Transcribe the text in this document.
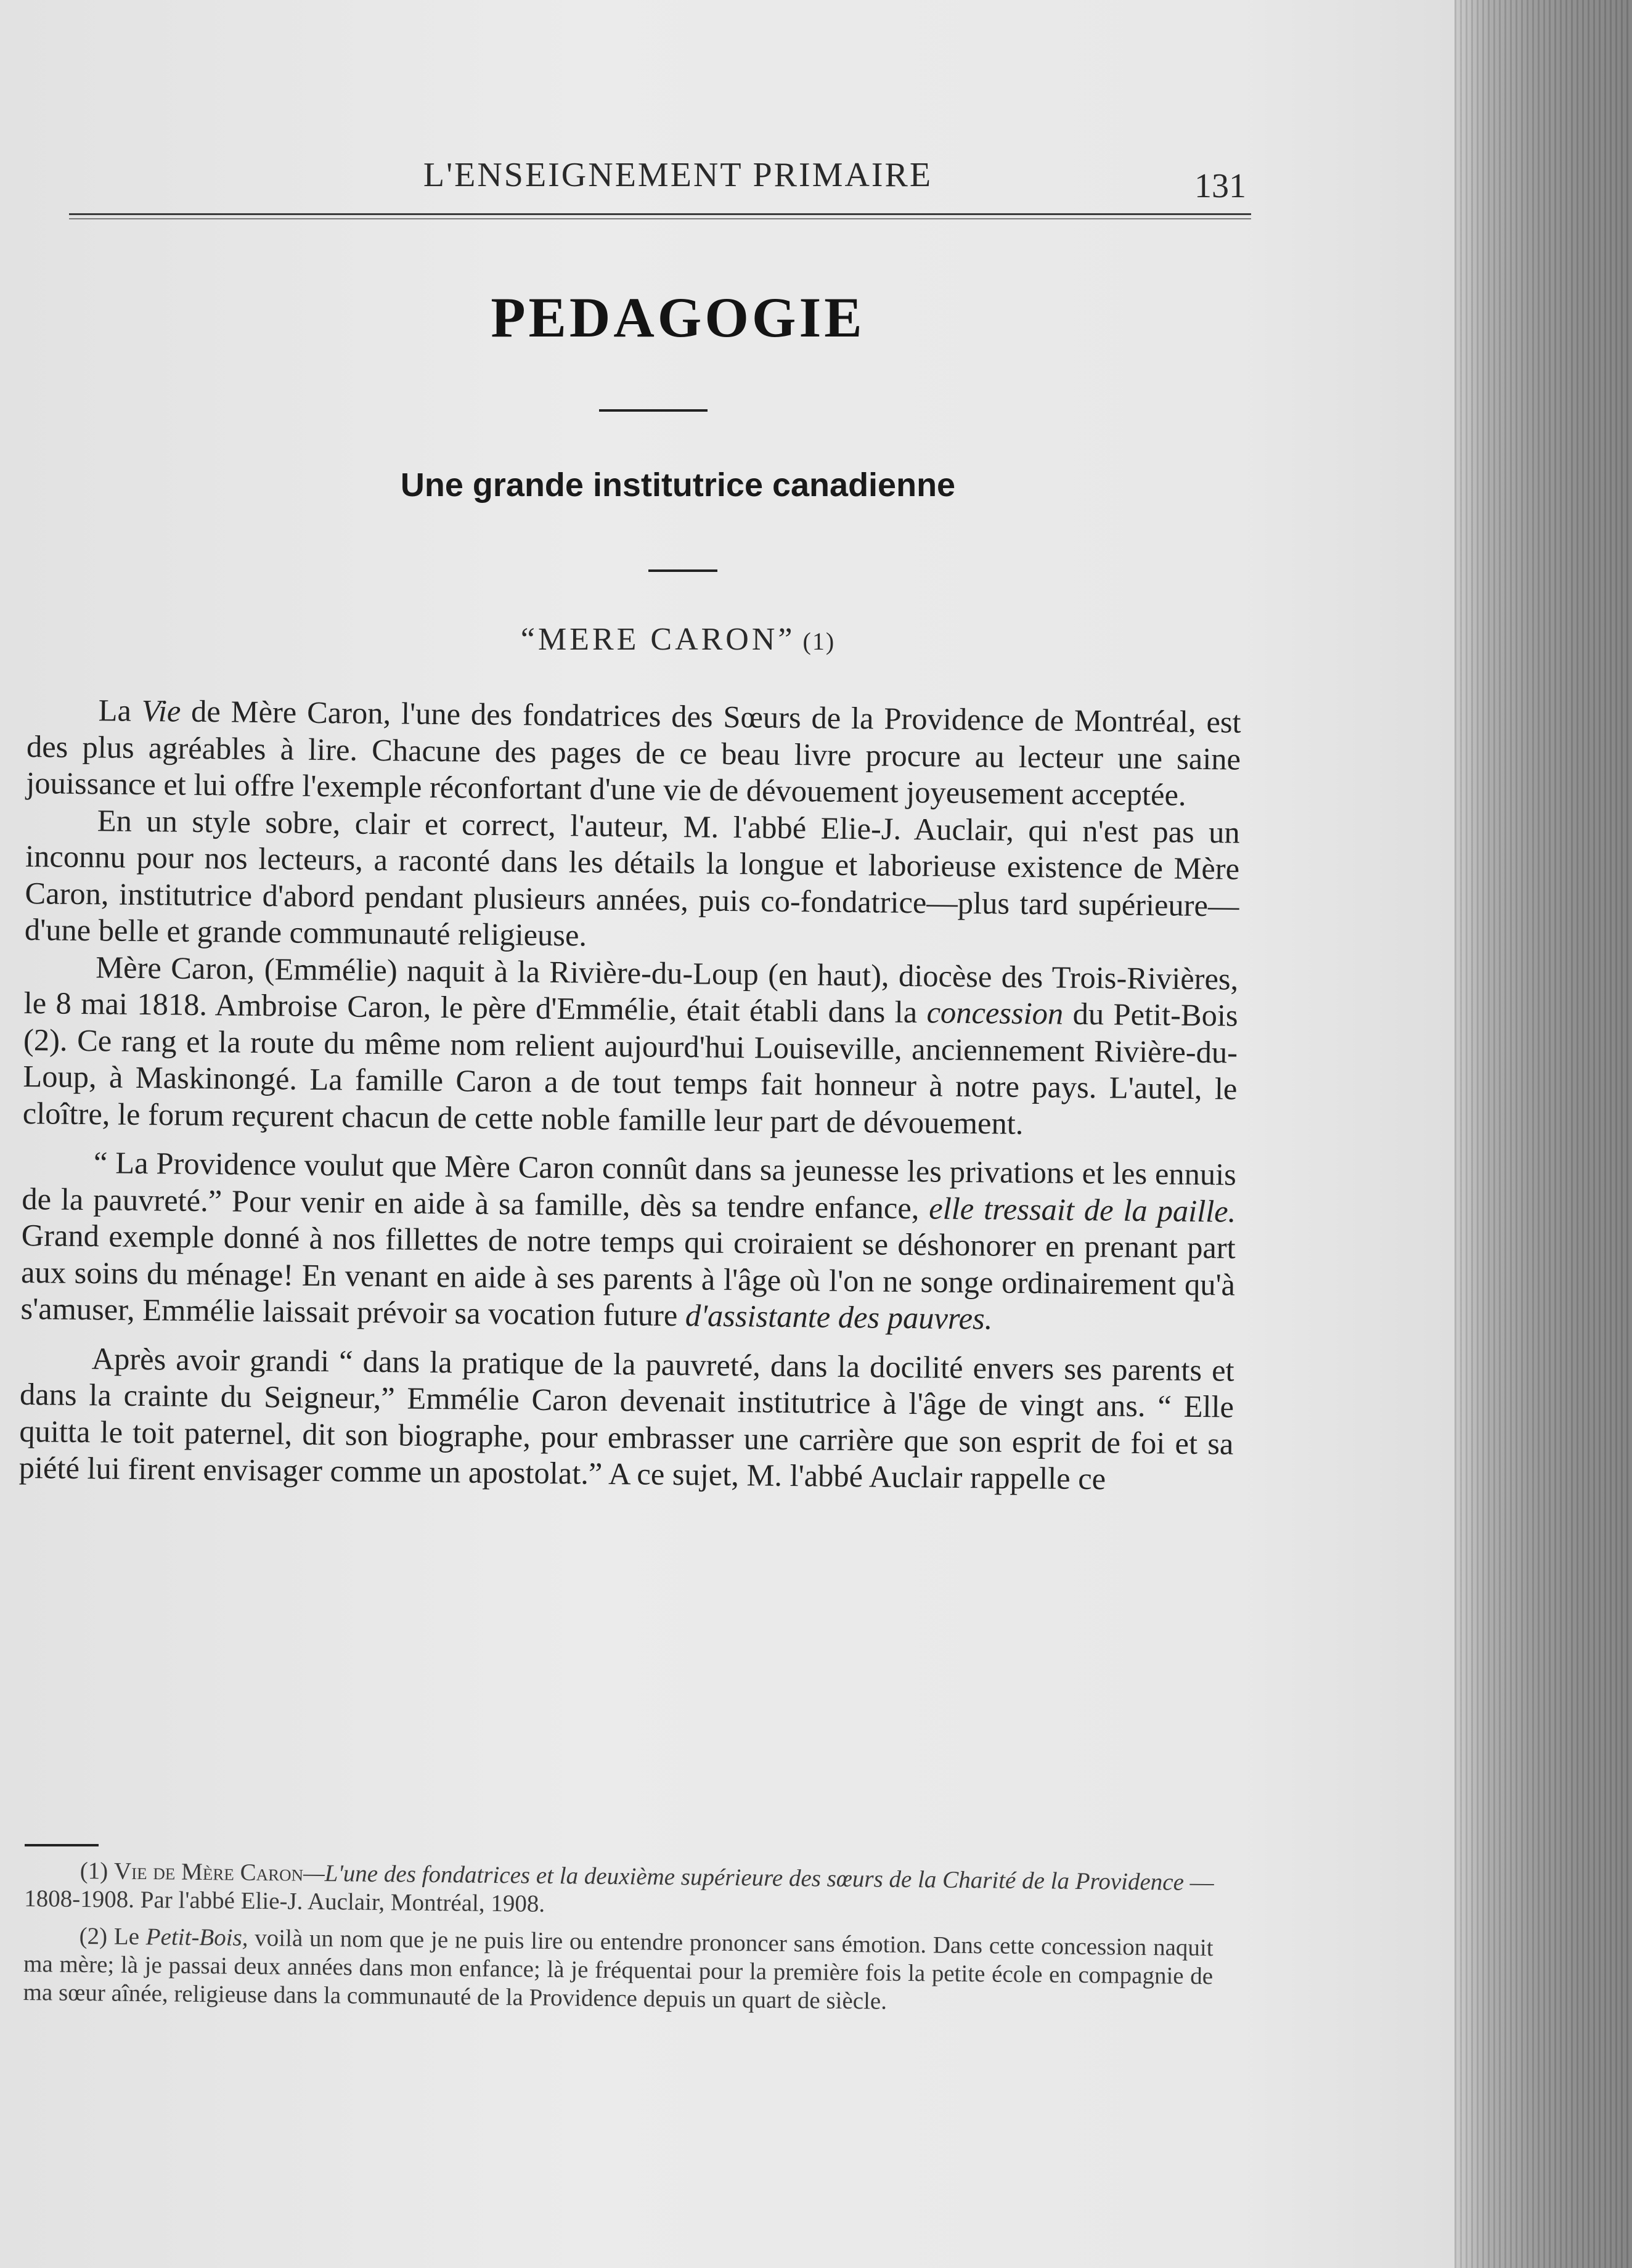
L'ENSEIGNEMENT PRIMAIRE	131
PEDAGOGIE
Une grande institutrice canadienne
“MERE CARON” (1)

La Vie de Mère Caron, l'une des fondatrices des Sœurs de la Providence de Montréal, est des plus agréables à lire. Chacune des pages de ce beau livre procure au lecteur une saine jouissance et lui offre l'exemple réconfortant d'une vie de dévouement joyeusement acceptée.

En un style sobre, clair et correct, l'auteur, M. l'abbé Elie-J. Auclair, qui n'est pas un inconnu pour nos lecteurs, a raconté dans les détails la longue et laborieuse existence de Mère Caron, institutrice d'abord pendant plusieurs années, puis co-fondatrice—plus tard supérieure—d'une belle et grande communauté religieuse.

Mère Caron, (Emmélie) naquit à la Rivière-du-Loup (en haut), diocèse des Trois-Rivières, le 8 mai 1818. Ambroise Caron, le père d'Emmélie, était établi dans la concession du Petit-Bois (2). Ce rang et la route du même nom relient aujourd'hui Louiseville, anciennement Rivière-du-Loup, à Maskinongé. La famille Caron a de tout temps fait honneur à notre pays. L'autel, le cloître, le forum reçurent chacun de cette noble famille leur part de dévouement.

“ La Providence voulut que Mère Caron connût dans sa jeunesse les privations et les ennuis de la pauvreté.” Pour venir en aide à sa famille, dès sa tendre enfance, elle tressait de la paille. Grand exemple donné à nos fillettes de notre temps qui croiraient se déshonorer en prenant part aux soins du ménage! En venant en aide à ses parents à l'âge où l'on ne songe ordinairement qu'à s'amuser, Emmélie laissait prévoir sa vocation future d'assistante des pauvres.

Après avoir grandi “ dans la pratique de la pauvreté, dans la docilité envers ses parents et dans la crainte du Seigneur,” Emmélie Caron devenait institutrice à l'âge de vingt ans. “ Elle quitta le toit paternel, dit son biographe, pour embrasser une carrière que son esprit de foi et sa piété lui firent envisager comme un apostolat.” A ce sujet, M. l'abbé Auclair rappelle ce

(1) Vie de Mère Caron—L'une des fondatrices et la deuxième supérieure des sœurs de la Charité de la Providence —1808-1908. Par l'abbé Elie-J. Auclair, Montréal, 1908.

(2) Le Petit-Bois, voilà un nom que je ne puis lire ou entendre prononcer sans émotion. Dans cette concession naquit ma mère; là je passai deux années dans mon enfance; là je fréquentai pour la première fois la petite école en compagnie de ma sœur aînée, religieuse dans la communauté de la Providence depuis un quart de siècle.
